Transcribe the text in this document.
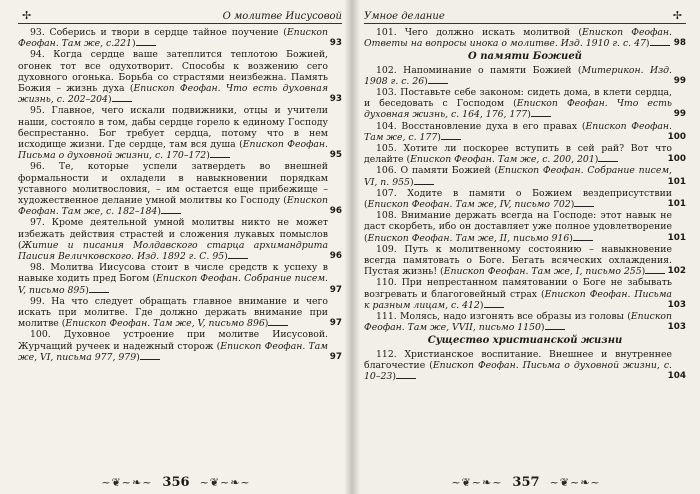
✢	О молитве Иисусовой

93. Соберись и твори в сердце тайное поучение (Епископ Феофан. Там же, с.221)	93

94. Когда сердце ваше затеплится теплотою Божией, огонек тот все одухотворит. Способы к возжению сего духовного огонька. Борьба со страстями неизбежна. Память Божия – жизнь духа (Епископ Феофан. Что есть духовная жизнь, с. 202–204)	93

95. Главное, чего искали подвижники, отцы и учители наши, состояло в том, дабы сердце горело к единому Господу беспрестанно. Бог требует сердца, потому что в нем исходище жизни. Где сердце, там вся душа (Епископ Феофан. Письма о духовной жизни, с. 170–172)	95

96. Те, которые успели затвердеть во внешней формальности и охладели в навыкновении порядкам уставного молитвословия, – им остается еще прибежище – художественное делание умной молитвы ко Господу (Епископ Феофан. Там же, с. 182–184)	96

97. Кроме деятельной умной молитвы никто не может избежать действия страстей и сложения лукавых помыслов (Житие и писания Молдавского старца архимандрита Паисия Величковского. Изд. 1892 г. С. 95)	96

98. Молитва Иисусова стоит в числе средств к успеху в навыке ходить пред Богом (Епископ Феофан. Собрание писем. V, письмо 895)	97

99. На что следует обращать главное внимание и чего искать при молитве. Где должно держать внимание при молитве (Епископ Феофан. Там же, V, письмо 896)	97

100. Духовное устроение при молитве Иисусовой. Журчащий ручеек и надежный сторож (Епископ Феофан. Там же, VI, письма 977, 979)	97

~❦~❧~ 356 ~❦~❧~
Умное делание	✢

101. Чего должно искать молитвой (Епископ Феофан. Ответы на вопросы инока о молитве. Изд. 1910 г. с. 47)	98

О памяти Божией

102. Напоминание о памяти Божией (Митерикон. Изд. 1908 г. с. 26)	99

103. Поставьте себе законом: сидеть дома, в клети сердца, и беседовать с Господом (Епископ Феофан. Что есть духовная жизнь, с. 164, 176, 177)	99

104. Восстановление духа в его правах (Епископ Феофан. Там же, с. 177)	100

105. Хотите ли поскорее вступить в сей рай? Вот что делайте (Епископ Феофан. Там же, с. 200, 201)	100

106. О памяти Божией (Епископ Феофан. Собрание писем, VI, п. 955)	101

107. Ходите в памяти о Божием вездеприсутствии (Епископ Феофан. Там же, IV, письмо 702)	101

108. Внимание держать всегда на Господе: этот навык не даст скорбеть, ибо он доставляет уже полное удовлетворение (Епископ Феофан. Там же, II, письмо 916)	101

109. Путь к молитвенному состоянию – навыкновение всегда памятовать о Боге. Бегать всяческих охлаждения. Пустая жизнь! (Епископ Феофан. Там же, I, письмо 255)	102

110. При непрестанном памятовании о Боге не забывать возгревать и благоговейный страх (Епископ Феофан. Письма к разным лицам, с. 412)	103

111. Молясь, надо изгонять все образы из головы (Епископ Феофан. Там же, VVII, письмо 1150)	103

Существо христианской жизни

112. Христианское воспитание. Внешнее и внутреннее благочестие (Епископ Феофан. Письма о духовной жизни, с. 10–23)	104

~❦~❧~ 357 ~❦~❧~
